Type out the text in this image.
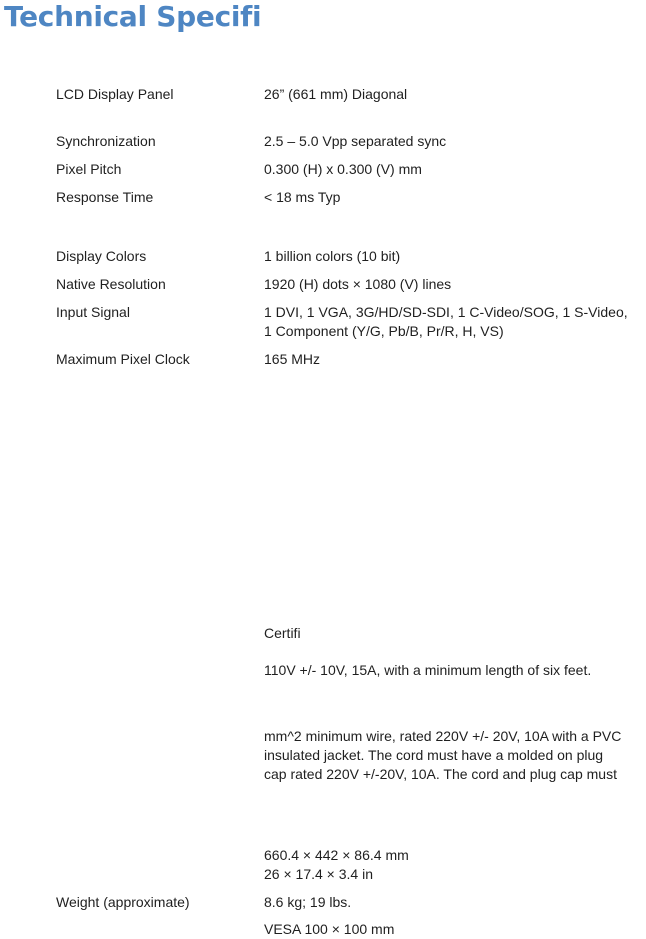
Technical Specifi

LCD Display Panel	26” (661 mm) Diagonal

Synchronization	2.5 – 5.0 Vpp separated sync

Pixel Pitch	0.300 (H) x 0.300 (V) mm

Response Time	< 18 ms Typ

Display Colors	1 billion colors (10 bit)

Native Resolution	1920 (H) dots × 1080 (V) lines

Input Signal	1 DVI, 1 VGA, 3G/HD/SD-SDI, 1 C-Video/SOG, 1 S-Video,

1 Component (Y/G, Pb/B, Pr/R, H, VS)

Maximum Pixel Clock	165 MHz

Certifi

110V +/- 10V, 15A, with a minimum length of six feet.

mm^2 minimum wire, rated 220V +/- 20V, 10A with a PVC

insulated jacket. The cord must have a molded on plug

cap rated 220V +/-20V, 10A. The cord and plug cap must

660.4 × 442 × 86.4 mm

26 × 17.4 × 3.4 in

Weight (approximate)	8.6 kg; 19 lbs.

VESA 100 × 100 mm
